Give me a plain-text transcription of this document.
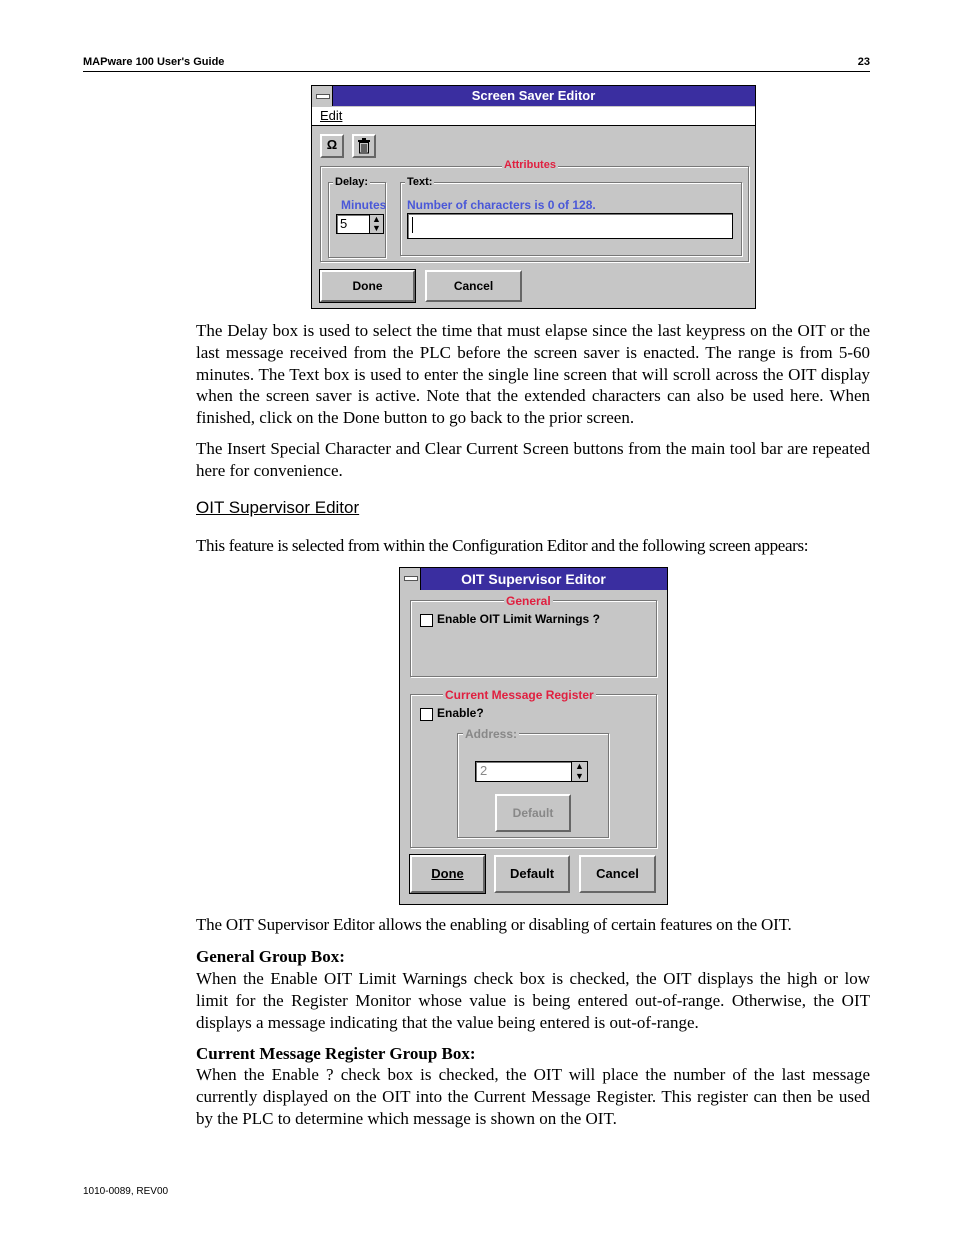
MAPware 100 User's Guide	23
Screen Saver Editor
Edit
Ω
Attributes
Delay:
Minutes
5	▲
▼
Text:
Number of characters is 0 of 128.
Done	Cancel
The Delay box is used to select the time that must elapse since the last keypress on the OIT or the last message received from the PLC before the screen saver is enacted. The range is from 5-60 minutes. The Text box is used to enter the single line screen that will scroll across the OIT display when the screen saver is active. Note that the extended characters can also be used here. When finished, click on the Done button to go back to the prior screen.
The Insert Special Character and Clear Current Screen buttons from the main tool bar are repeated here for convenience.
OIT Supervisor Editor
This feature is selected from within the Configuration Editor and the following screen appears:
OIT Supervisor Editor
General
Enable OIT Limit Warnings ?
Current Message Register
Enable?
Address:
2	▲
▼
Default
Done	Default	Cancel
The OIT Supervisor Editor allows the enabling or disabling of certain features on the OIT.
General Group Box:
When the Enable OIT Limit Warnings check box is checked, the OIT displays the high or low limit for the Register Monitor whose value is being entered out-of-range. Otherwise, the OIT displays a message indicating that the value being entered is out-of-range.
Current Message Register Group Box:
When the Enable ? check box is checked, the OIT will place the number of the last message currently displayed on the OIT into the Current Message Register. This register can then be used by the PLC to determine which message is shown on the OIT.
1010-0089, REV00
